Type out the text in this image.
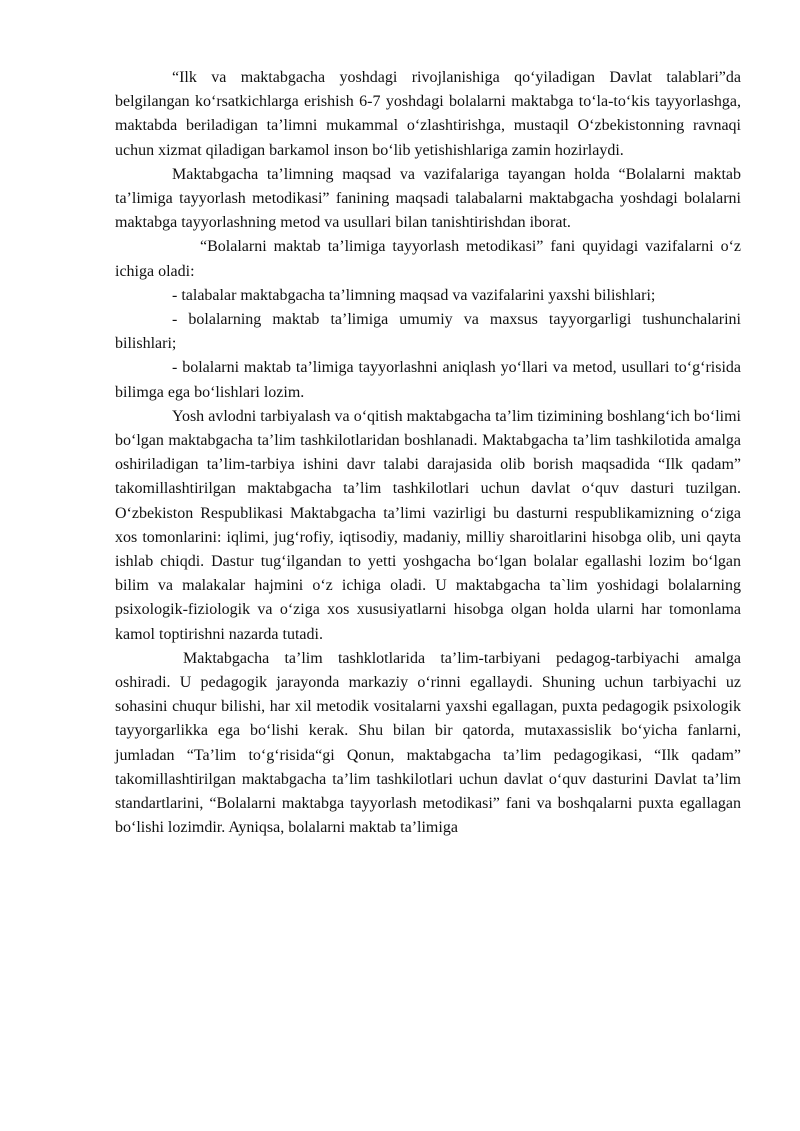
“Ilk va maktabgacha yoshdagi rivojlanishiga qo‘yiladigan Davlat talablari”da belgilangan ko‘rsatkichlarga erishish 6-7 yoshdagi bolalarni maktabga to‘la-to‘kis tayyorlashga, maktabda beriladigan ta’limni mukammal o‘zlashtirishga, mustaqil O‘zbekistonning ravnaqi uchun xizmat qiladigan barkamol inson bo‘lib yetishishlariga zamin hozirlaydi.

Maktabgacha ta’limning maqsad va vazifalariga tayangan holda “Bolalarni maktab ta’limiga tayyorlash metodikasi” fanining maqsadi talabalarni maktabgacha yoshdagi bolalarni maktabga tayyorlashning metod va usullari bilan tanishtirishdan iborat.

“Bolalarni maktab ta’limiga tayyorlash metodikasi” fani quyidagi vazifalarni o‘z ichiga oladi:

- talabalar maktabgacha ta’limning maqsad va vazifalarini yaxshi bilishlari;

- bolalarning maktab ta’limiga umumiy va maxsus tayyorgarligi tushunchalarini bilishlari;

- bolalarni maktab ta’limiga tayyorlashni aniqlash yo‘llari va metod, usullari to‘g‘risida bilimga ega bo‘lishlari lozim.

Yosh avlodni tarbiyalash va o‘qitish maktabgacha ta’lim tizimining boshlang‘ich bo‘limi bo‘lgan maktabgacha ta’lim tashkilotlaridan boshlanadi. Maktabgacha ta’lim tashkilotida amalga oshiriladigan ta’lim-tarbiya ishini davr talabi darajasida olib borish maqsadida “Ilk qadam” takomillashtirilgan maktabgacha ta’lim tashkilotlari uchun davlat o‘quv dasturi tuzilgan. O‘zbekiston Respublikasi Maktabgacha ta’limi vazirligi bu dasturni respublikamizning o‘ziga xos tomonlarini: iqlimi, jug‘rofiy, iqtisodiy, madaniy, milliy sharoitlarini hisobga olib, uni qayta ishlab chiqdi. Dastur tug‘ilgandan to yetti yoshgacha bo‘lgan bolalar egallashi lozim bo‘lgan bilim va malakalar hajmini o‘z ichiga oladi. U maktabgacha ta`lim yoshidagi bolalarning psixologik-fiziologik va o‘ziga xos xususiyatlarni hisobga olgan holda ularni har tomonlama kamol toptirishni nazarda tutadi.

Maktabgacha ta’lim tashklotlarida ta’lim-tarbiyani pedagog-tarbiyachi amalga oshiradi. U pedagogik jarayonda markaziy o‘rinni egallaydi. Shuning uchun tarbiyachi uz sohasini chuqur bilishi, har xil metodik vositalarni yaxshi egallagan, puxta pedagogik psixologik tayyorgarlikka ega bo‘lishi kerak. Shu bilan bir qatorda, mutaxassislik bo‘yicha fanlarni, jumladan “Ta’lim to‘g‘risida“gi Qonun, maktabgacha ta’lim pedagogikasi, “Ilk qadam” takomillashtirilgan maktabgacha ta’lim tashkilotlari uchun davlat o‘quv dasturini Davlat ta’lim standartlarini, “Bolalarni maktabga tayyorlash metodikasi” fani va boshqalarni puxta egallagan bo‘lishi lozimdir. Ayniqsa, bolalarni maktab ta’limiga
